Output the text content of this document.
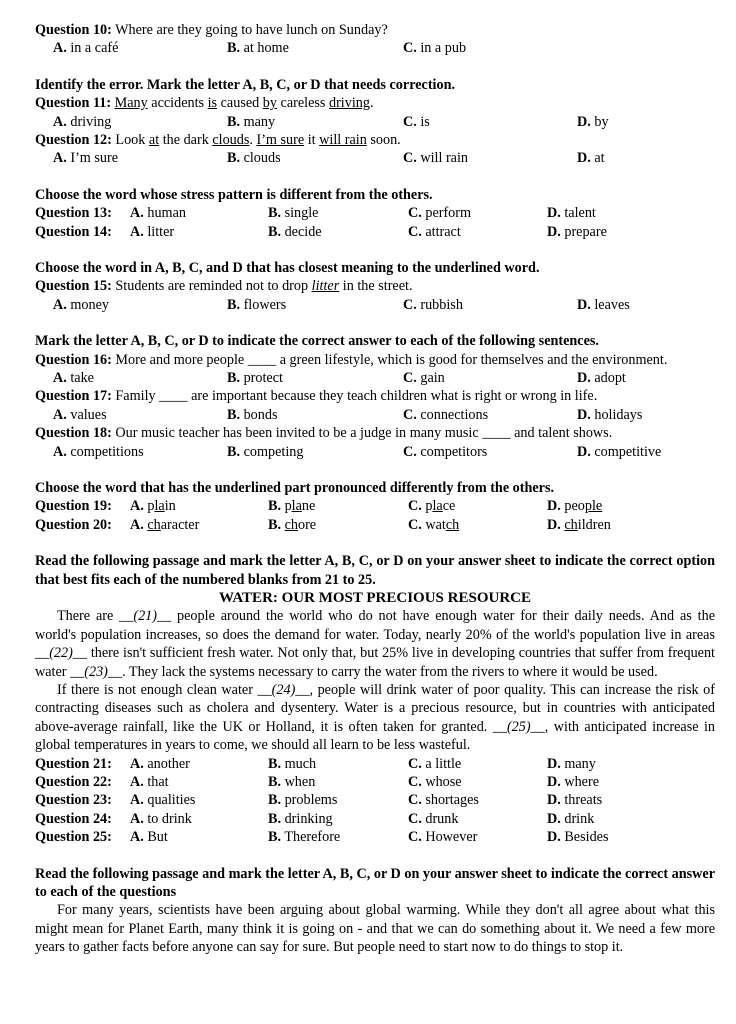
Question 10: Where are they going to have lunch on Sunday?
A. in a café	B. at home	C. in a pub
Identify the error. Mark the letter A, B, C, or D that needs correction.
Question 11: Many accidents is caused by careless driving.
A. driving	B. many	C. is	D. by
Question 12: Look at the dark clouds. I’m sure it will rain soon.
A. I’m sure	B. clouds	C. will rain	D. at
Choose the word whose stress pattern is different from the others.
Question 13: A. human	B. single	C. perform	D. talent
Question 14: A. litter	B. decide	C. attract	D. prepare
Choose the word in A, B, C, and D that has closest meaning to the underlined word.
Question 15: Students are reminded not to drop litter in the street.
A. money	B. flowers	C. rubbish	D. leaves
Mark the letter A, B, C, or D to indicate the correct answer to each of the following sentences.
Question 16: More and more people ____ a green lifestyle, which is good for themselves and the environment.
A. take	B. protect	C. gain	D. adopt
Question 17: Family ____ are important because they teach children what is right or wrong in life.
A. values	B. bonds	C. connections	D. holidays
Question 18: Our music teacher has been invited to be a judge in many music ____ and talent shows.
A. competitions	B. competing	C. competitors	D. competitive
Choose the word that has the underlined part pronounced differently from the others.
Question 19: A. plain	B. plane	C. place	D. people
Question 20: A. character	B. chore	C. watch	D. children
Read the following passage and mark the letter A, B, C, or D on your answer sheet to indicate the correct option that best fits each of the numbered blanks from 21 to 25.
WATER: OUR MOST PRECIOUS RESOURCE
There are __(21)__ people around the world who do not have enough water for their daily needs. And as the world's population increases, so does the demand for water. Today, nearly 20% of the world's population live in areas __(22)__ there isn't sufficient fresh water. Not only that, but 25% live in developing countries that suffer from frequent water __(23)__. They lack the systems necessary to carry the water from the rivers to where it would be used.
If there is not enough clean water __(24)__, people will drink water of poor quality. This can increase the risk of contracting diseases such as cholera and dysentery. Water is a precious resource, but in countries with anticipated above-average rainfall, like the UK or Holland, it is often taken for granted. __(25)__, with anticipated increase in global temperatures in years to come, we should all learn to be less wasteful.
Question 21: A. another	B. much	C. a little	D. many
Question 22: A. that	B. when	C. whose	D. where
Question 23: A. qualities	B. problems	C. shortages	D. threats
Question 24: A. to drink	B. drinking	C. drunk	D. drink
Question 25: A. But	B. Therefore	C. However	D. Besides
Read the following passage and mark the letter A, B, C, or D on your answer sheet to indicate the correct answer to each of the questions
For many years, scientists have been arguing about global warming. While they don't all agree about what this might mean for Planet Earth, many think it is going on - and that we can do something about it. We need a few more years to gather facts before anyone can say for sure. But people need to start now to do things to stop it.
